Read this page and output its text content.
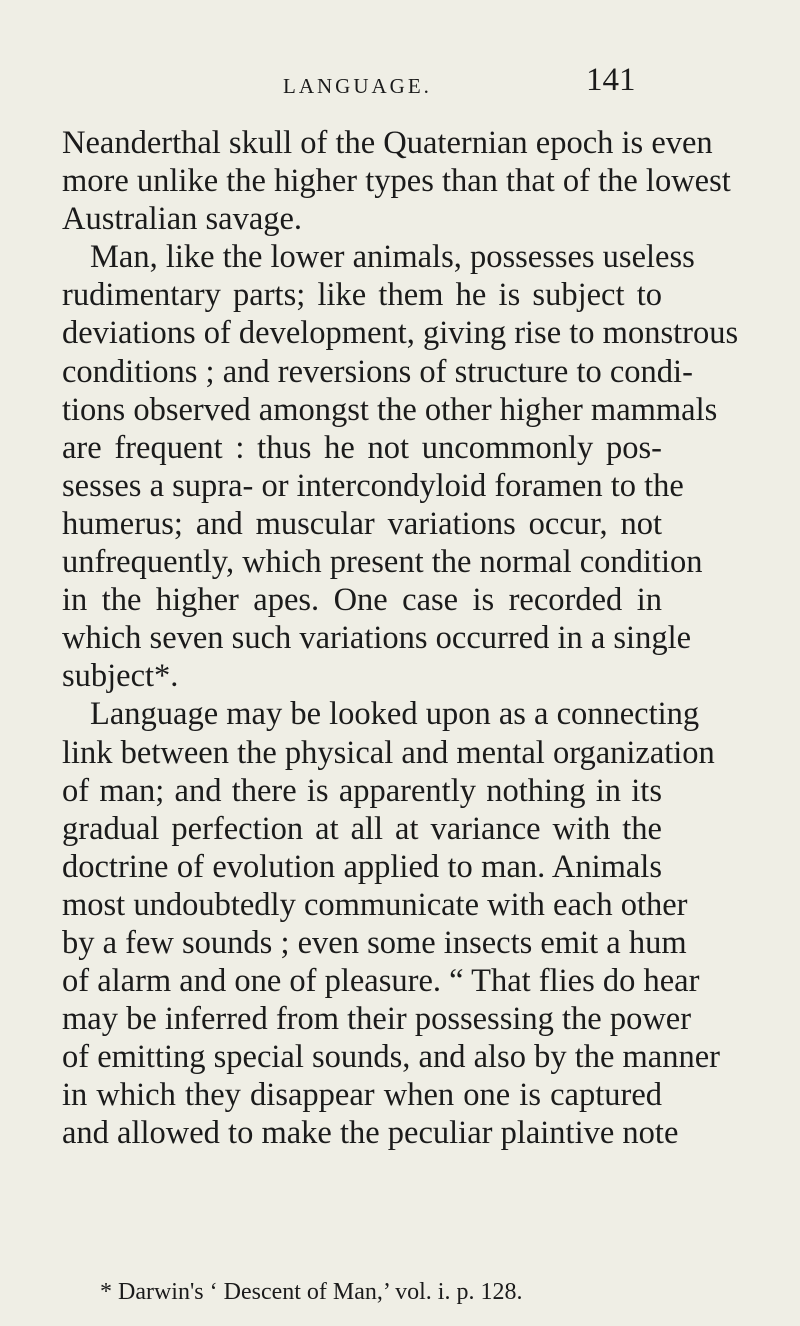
LANGUAGE.	141
Neanderthal skull of the Quaternian epoch is even
more unlike the higher types than that of the lowest
Australian savage.
Man, like the lower animals, possesses useless
rudimentary parts; like them he is subject to
deviations of development, giving rise to monstrous
conditions ; and reversions of structure to condi-
tions observed amongst the other higher mammals
are frequent : thus he not uncommonly pos-
sesses a supra- or intercondyloid foramen to the
humerus; and muscular variations occur, not
unfrequently, which present the normal condition
in the higher apes. One case is recorded in
which seven such variations occurred in a single
subject*.
Language may be looked upon as a connecting
link between the physical and mental organization
of man; and there is apparently nothing in its
gradual perfection at all at variance with the
doctrine of evolution applied to man. Animals
most undoubtedly communicate with each other
by a few sounds ; even some insects emit a hum
of alarm and one of pleasure. “ That flies do hear
may be inferred from their possessing the power
of emitting special sounds, and also by the manner
in which they disappear when one is captured
and allowed to make the peculiar plaintive note
* Darwin's ‘ Descent of Man,’ vol. i. p. 128.
